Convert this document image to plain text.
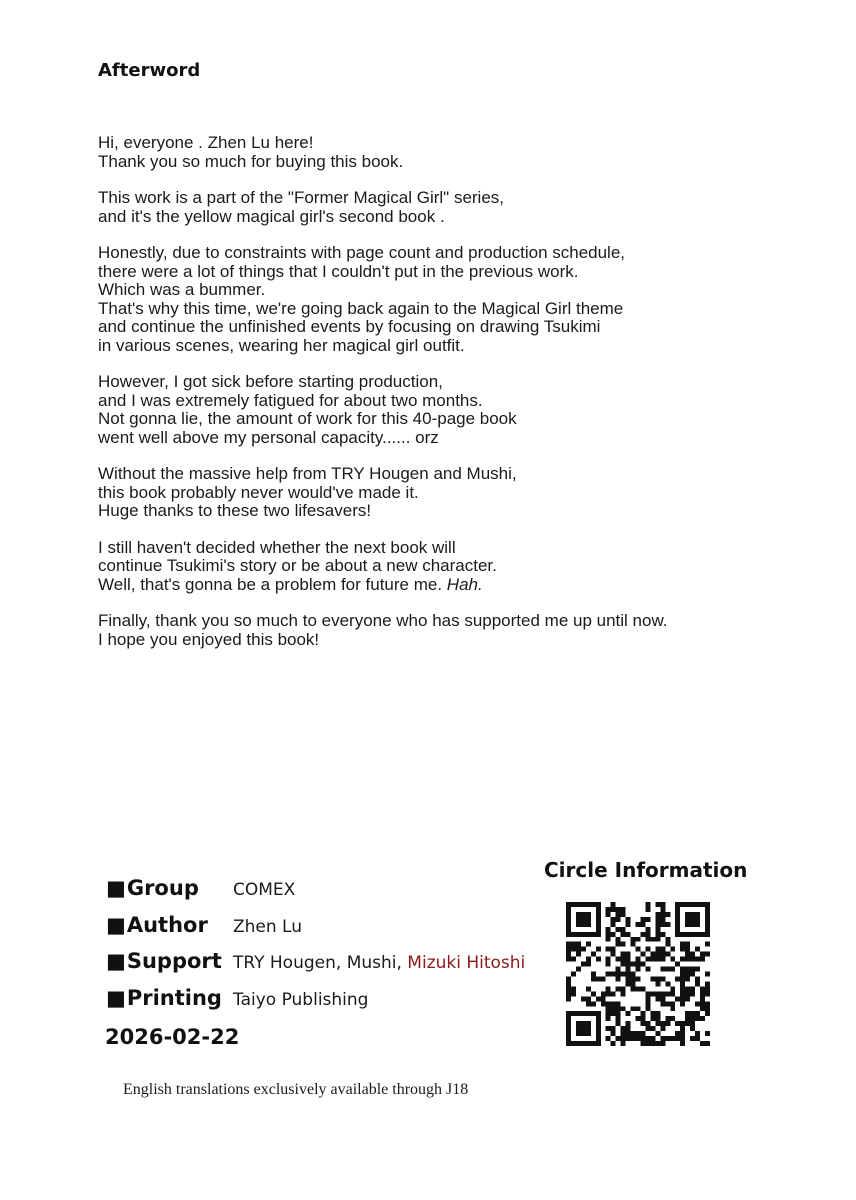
Afterword
Hi, everyone . Zhen Lu here!
Thank you so much for buying this book.
This work is a part of the "Former Magical Girl" series,
and it's the yellow magical girl's second book .
Honestly, due to constraints with page count and production schedule,
there were a lot of things that I couldn't put in the previous work.
Which was a bummer.
That's why this time, we're going back again to the Magical Girl theme
and continue the unfinished events by focusing on drawing Tsukimi
in various scenes, wearing her magical girl outfit.
However, I got sick before starting production,
and I was extremely fatigued for about two months.
Not gonna lie, the amount of work for this 40-page book
went well above my personal capacity...... orz
Without the massive help from TRY Hougen and Mushi,
this book probably never would've made it.
Huge thanks to these two lifesavers!
I still haven't decided whether the next book will
continue Tsukimi's story or be about a new character.
Well, that's gonna be a problem for future me. Hah.
Finally, thank you so much to everyone who has supported me up until now.
I hope you enjoyed this book!
■Group	COMEX
■Author	Zhen Lu
■Support TRY Hougen, Mushi, Mizuki Hitoshi
■Printing Taiyo Publishing
2026-02-22
Circle Information
English translations exclusively available through J18
